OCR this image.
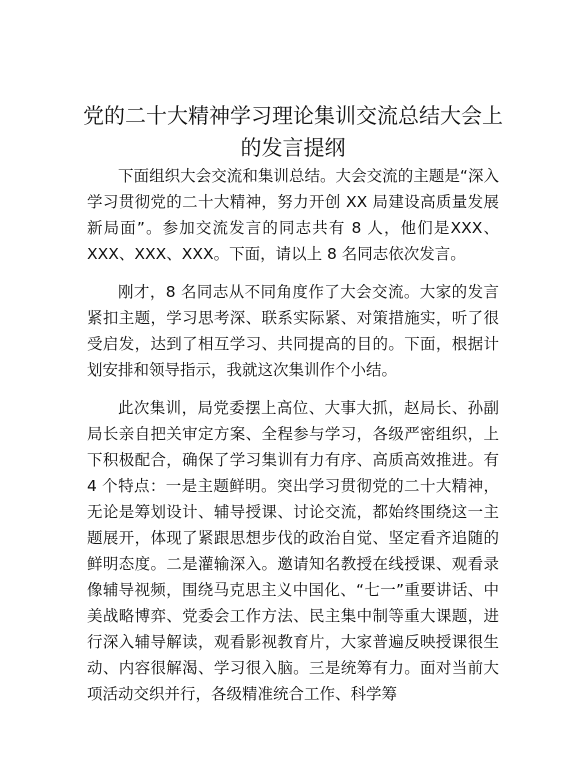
党的二十大精神学习理论集训交流总结大会上
的发言提纲

下面组织大会交流和集训总结。大会交流的主题是“深入学习贯彻党的二十大精神，努力开创 XX 局建设高质量发展新局面”。参加交流发言的同志共有 8 人，他们是XXX、XXX、XXX、XXX。下面，请以上 8 名同志依次发言。

刚才，8 名同志从不同角度作了大会交流。大家的发言紧扣主题，学习思考深、联系实际紧、对策措施实，听了很受启发，达到了相互学习、共同提高的目的。下面，根据计划安排和领导指示，我就这次集训作个小结。

此次集训，局党委摆上高位、大事大抓，赵局长、孙副局长亲自把关审定方案、全程参与学习，各级严密组织，上下积极配合，确保了学习集训有力有序、高质高效推进。有 4 个特点：一是主题鲜明。突出学习贯彻党的二十大精神，无论是筹划设计、辅导授课、讨论交流，都始终围绕这一主题展开，体现了紧跟思想步伐的政治自觉、坚定看齐追随的鲜明态度。二是灌输深入。邀请知名教授在线授课、观看录像辅导视频，围绕马克思主义中国化、“七一”重要讲话、中美战略博弈、党委会工作方法、民主集中制等重大课题，进行深入辅导解读，观看影视教育片，大家普遍反映授课很生动、内容很解渴、学习很入脑。三是统筹有力。面对当前大项活动交织并行，各级精准统合工作、科学筹
